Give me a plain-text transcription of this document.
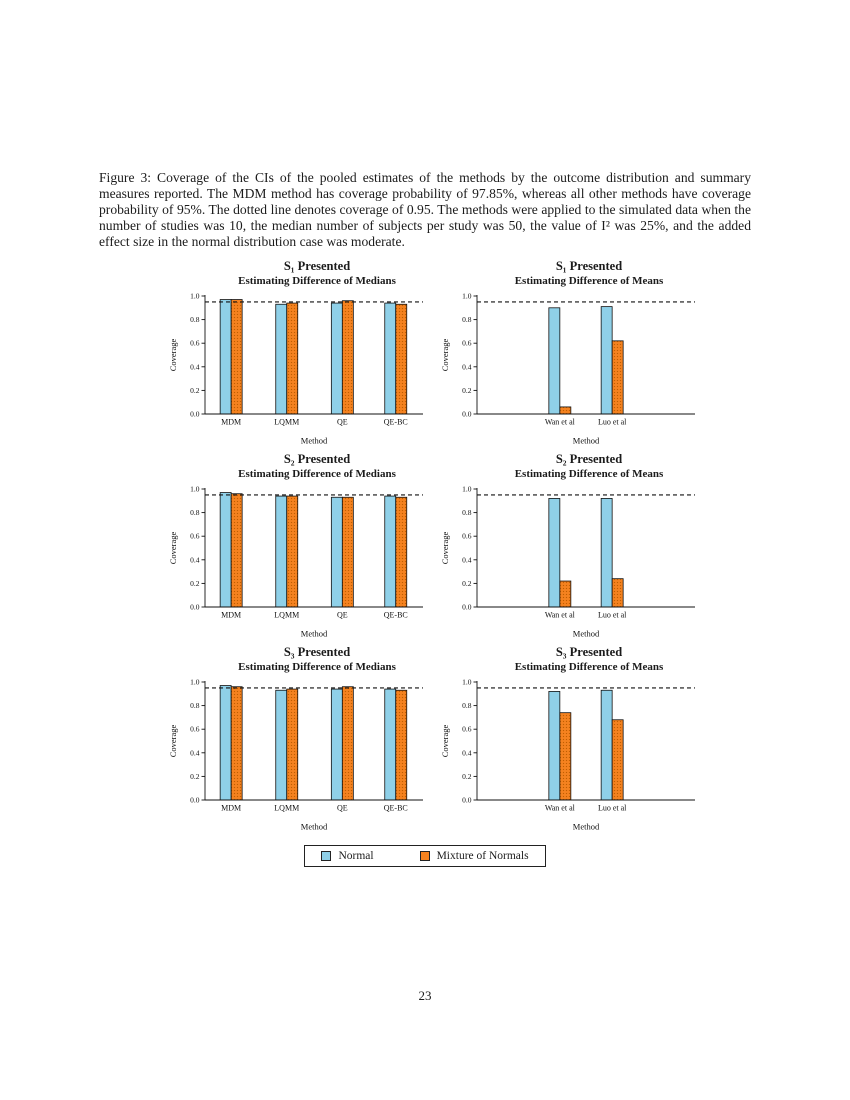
Figure 3: Coverage of the CIs of the pooled estimates of the methods by the outcome distribution and summary measures reported. The MDM method has coverage probability of 97.85%, whereas all other methods have coverage probability of 95%. The dotted line denotes coverage of 0.95. The methods were applied to the simulated data when the number of studies was 10, the median number of subjects per study was 50, the value of I² was 25%, and the added effect size in the normal distribution case was moderate.

S₁ Presented
Estimating Difference of Medians
0.0
0.2
0.4
0.6
0.8
1.0
MDM	LQMM	QE	QE-BC
Coverage
Method
S₁ Presented
Estimating Difference of Means
0.0
0.2
0.4
0.6
0.8
1.0
Wan et al	Luo et al
Coverage
Method
S₂ Presented
Estimating Difference of Medians
0.0
0.2
0.4
0.6
0.8
1.0
MDM	LQMM	QE	QE-BC
Coverage
Method
S₂ Presented
Estimating Difference of Means
0.0
0.2
0.4
0.6
0.8
1.0
Wan et al	Luo et al
Coverage
Method
S₃ Presented
Estimating Difference of Medians
0.0
0.2
0.4
0.6
0.8
1.0
MDM	LQMM	QE	QE-BC
Coverage
Method
S₃ Presented
Estimating Difference of Means
0.0
0.2
0.4
0.6
0.8
1.0
Wan et al	Luo et al
Coverage
Method
Normal	Mixture of Normals
23
